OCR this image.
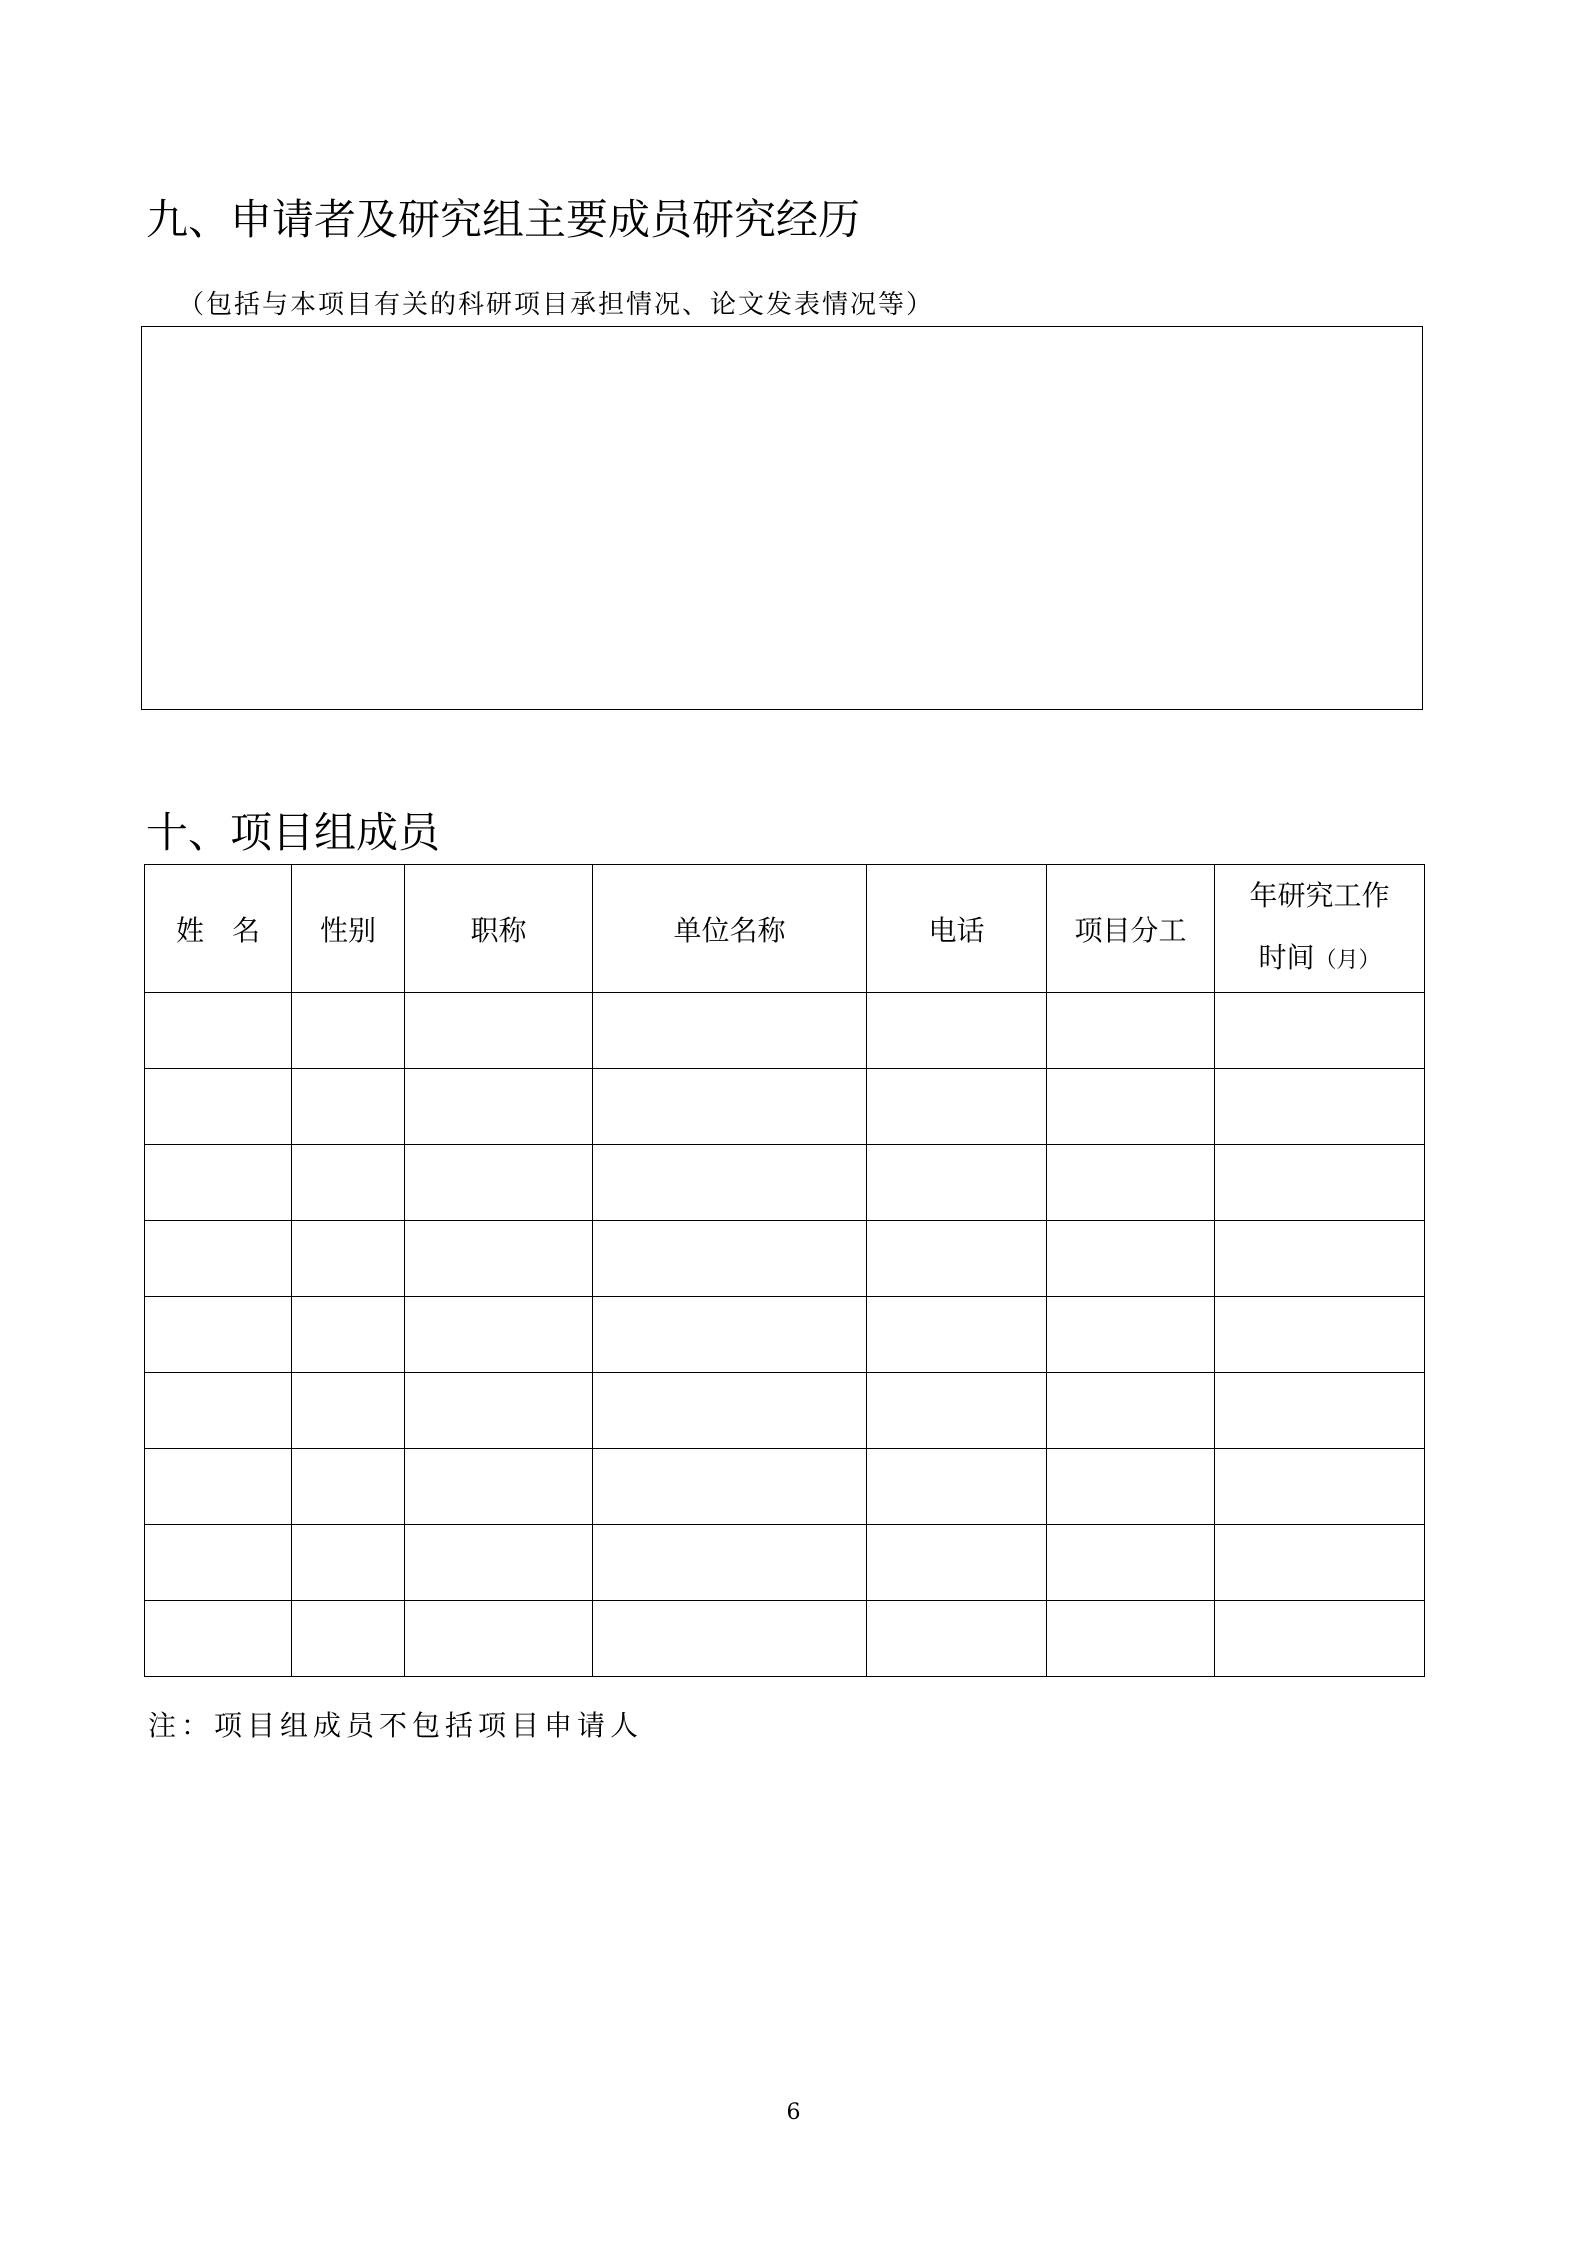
九、申请者及研究组主要成员研究经历
（包括与本项目有关的科研项目承担情况、论文发表情况等）
十、项目组成员
姓　名	性别	职称	单位名称	电话	项目分工	年研究工作
时间（月）

注：项目组成员不包括项目申请人
6
